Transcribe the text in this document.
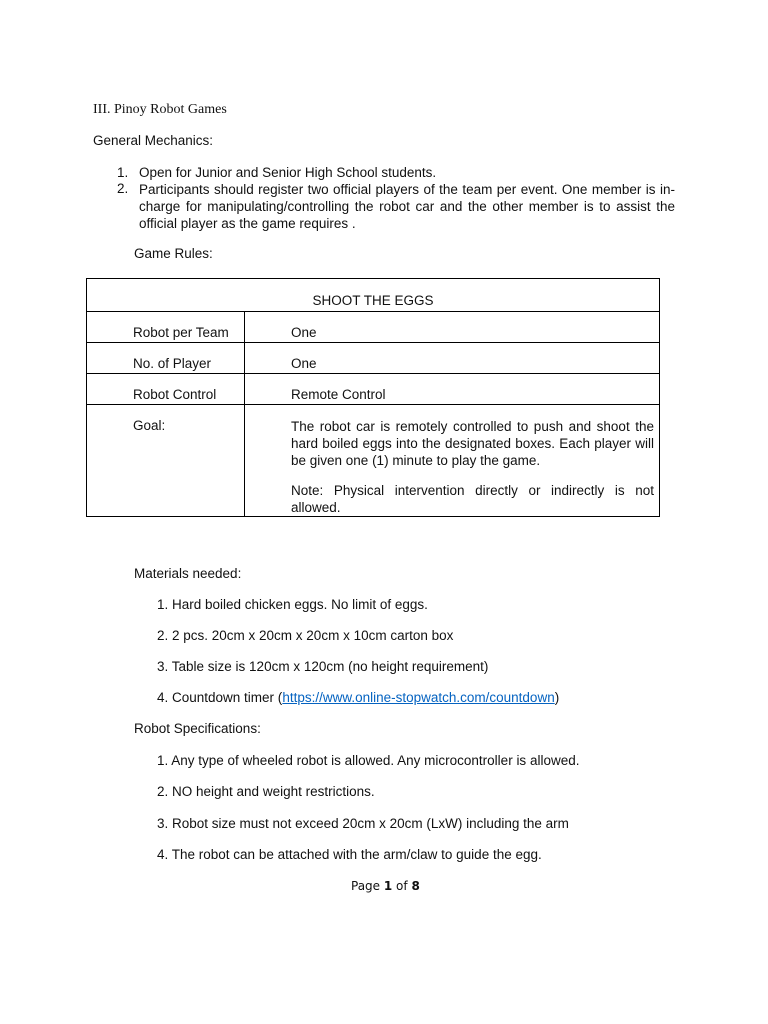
III. Pinoy Robot Games
General Mechanics:
1. Open for Junior and Senior High School students.
2. Participants should register two official players of the team per event. One member is in-charge for manipulating/controlling the robot car and the other member is to assist the official player as the game requires .
Game Rules:
SHOOT THE EGGS	

Robot per Team	One

No. of Player	One

Robot Control	Remote Control

Goal:	The robot car is remotely controlled to push and shoot the hard boiled eggs into the designated boxes. Each player will be given one (1) minute to play the game.
Note: Physical intervention directly or indirectly is not allowed.
Materials needed:
1. Hard boiled chicken eggs. No limit of eggs.
2. 2 pcs. 20cm x 20cm x 20cm x 10cm carton box
3. Table size is 120cm x 120cm (no height requirement)
4. Countdown timer (https://www.online-stopwatch.com/countdown)
Robot Specifications:
1. Any type of wheeled robot is allowed. Any microcontroller is allowed.
2. NO height and weight restrictions.
3. Robot size must not exceed 20cm x 20cm (LxW) including the arm
4. The robot can be attached with the arm/claw to guide the egg.
Page 1 of 8
